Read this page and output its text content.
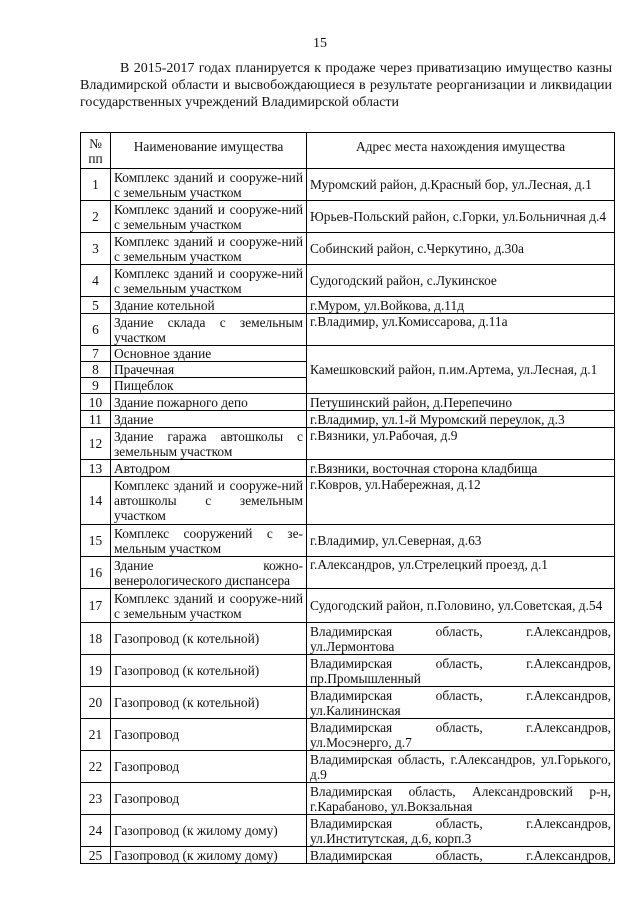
15

В 2015-2017 годах планируется к продаже через приватизацию имущество казны Владимирской области и высвобождающиеся в результате реорганизации и ликвидации государственных учреждений Владимирской области

№ пп	Наименование имущества	Адрес места нахождения имущества
1	Комплекс зданий и сооруже-ний с земельным участком	Муромский район, д.Красный бор, ул.Лесная, д.1
2	Комплекс зданий и сооруже-ний с земельным участком	Юрьев-Польский район, с.Горки, ул.Больничная д.4
3	Комплекс зданий и сооруже-ний с земельным участком	Собинский район, с.Черкутино, д.30а
4	Комплекс зданий и сооруже-ний с земельным участком	Судогодский район, с.Лукинское
5	Здание котельной	г.Муром, ул.Войкова, д.11д
6	Здание склада с земельным участком	г.Владимир, ул.Комиссарова, д.11а
7	Основное здание	Камешковский район, п.им.Артема, ул.Лесная, д.1
8	Прачечная	
9	Пищеблок	
10	Здание пожарного депо	Петушинский район, д.Перепечино
11	Здание	г.Владимир, ул.1-й Муромский переулок, д.3
12	Здание гаража автошколы с земельным участком	г.Вязники, ул.Рабочая, д.9
13	Автодром	г.Вязники, восточная сторона кладбища
14	Комплекс зданий и сооруже-ний автошколы с земельным участком	г.Ковров, ул.Набережная, д.12
15	Комплекс сооружений с зе-мельным участком	г.Владимир, ул.Северная, д.63
16	Здание кожно-венерологического диспансера	г.Александров, ул.Стрелецкий проезд, д.1
17	Комплекс зданий и сооруже-ний с земельным участком	Судогодский район, п.Головино, ул.Советская, д.54
18	Газопровод (к котельной)	Владимирская область, г.Александров, ул.Лермонтова
19	Газопровод (к котельной)	Владимирская область, г.Александров, пр.Промышленный
20	Газопровод (к котельной)	Владимирская область, г.Александров, ул.Калининская
21	Газопровод	Владимирская область, г.Александров, ул.Мосэнерго, д.7
22	Газопровод	Владимирская область, г.Александров, ул.Горького, д.9
23	Газопровод	Владимирская область, Александровский р-н, г.Карабаново, ул.Вокзальная
24	Газопровод (к жилому дому)	Владимирская область, г.Александров, ул.Институтская, д.6, корп.3
25	Газопровод (к жилому дому)	Владимирская область, г.Александров,
